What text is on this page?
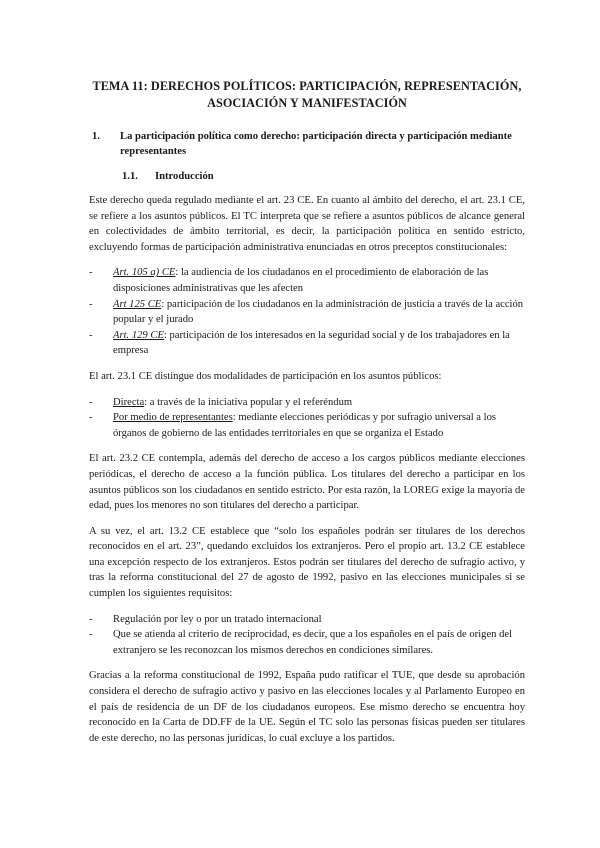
TEMA 11: DERECHOS POLÍTICOS: PARTICIPACIÓN, REPRESENTACIÓN,
ASOCIACIÓN Y MANIFESTACIÓN
1.	La participación política como derecho: participación directa y participación mediante representantes
1.1.	Introducción

Este derecho queda regulado mediante el art. 23 CE. En cuanto al ámbito del derecho, el art. 23.1 CE, se refiere a los asuntos públicos. El TC interpreta que se refiere a asuntos públicos de alcance general en colectividades de ámbito territorial, es decir, la participación política en sentido estricto, excluyendo formas de participación administrativa enunciadas en otros preceptos constitucionales:

-	Art. 105 a) CE: la audiencia de los ciudadanos en el procedimiento de elaboración de las disposiciones administrativas que les afecten
-	Art 125 CE: participación de los ciudadanos en la administración de justicia a través de la acción popular y el jurado
-	Art. 129 CE: participación de los interesados en la seguridad social y de los trabajadores en la empresa

El art. 23.1 CE distingue dos modalidades de participación en los asuntos públicos:

-	Directa: a través de la iniciativa popular y el referéndum
-	Por medio de representantes: mediante elecciones periódicas y por sufragio universal a los órganos de gobierno de las entidades territoriales en que se organiza el Estado

El art. 23.2 CE contempla, además del derecho de acceso a los cargos públicos mediante elecciones periódicas, el derecho de acceso a la función pública. Los titulares del derecho a participar en los asuntos públicos son los ciudadanos en sentido estricto. Por esta razón, la LOREG exige la mayoría de edad, pues los menores no son titulares del derecho a participar.

A su vez, el art. 13.2 CE establece que “solo los españoles podrán ser titulares de los derechos reconocidos en el art. 23”, quedando excluidos los extranjeros. Pero el propio art. 13.2 CE establece una excepción respecto de los extranjeros. Estos podrán ser titulares del derecho de sufragio activo, y tras la reforma constitucional del 27 de agosto de 1992, pasivo en las elecciones municipales si se cumplen los siguientes requisitos:

-	Regulación por ley o por un tratado internacional
-	Que se atienda al criterio de reciprocidad, es decir, que a los españoles en el país de origen del extranjero se les reconozcan los mismos derechos en condiciones similares.

Gracias a la reforma constitucional de 1992, España pudo ratificar el TUE, que desde su aprobación considera el derecho de sufragio activo y pasivo en las elecciones locales y al Parlamento Europeo en el país de residencia de un DF de los ciudadanos europeos. Ese mismo derecho se encuentra hoy reconocido en la Carta de DD.FF de la UE. Según el TC solo las personas físicas pueden ser titulares de este derecho, no las personas jurídicas, lo cual excluye a los partidos.
